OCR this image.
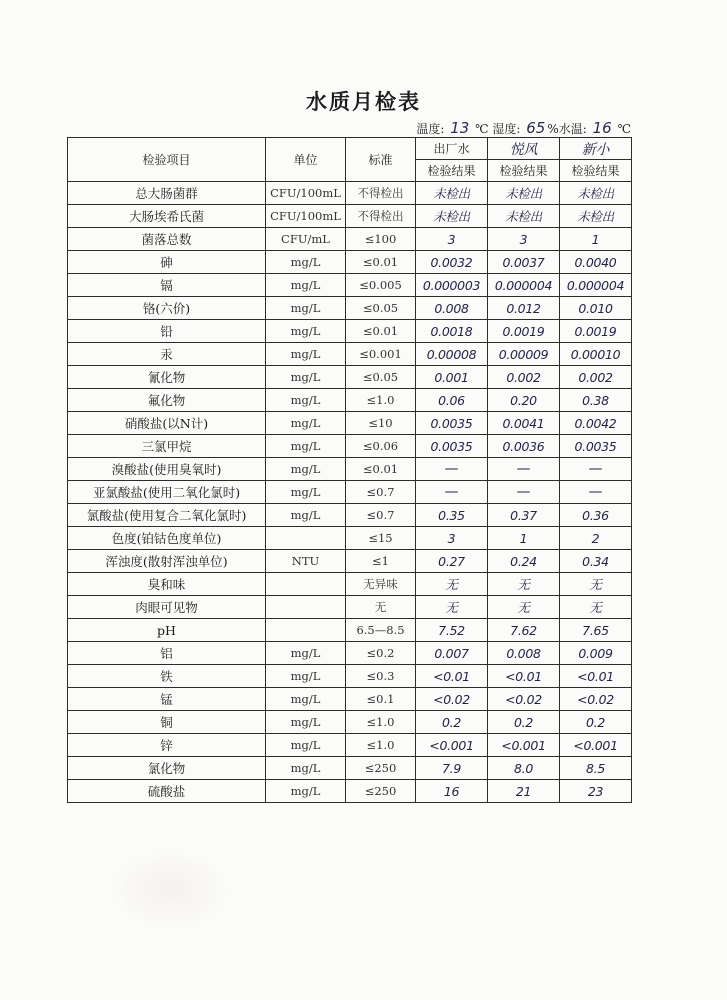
水质月检表
温度: 13 ℃ 湿度: 65 %水温: 16 ℃
检验项目	单位	标准	出厂水	悦风	新小
			检验结果	检验结果	检验结果
总大肠菌群	CFU/100mL	不得检出	未检出	未检出	未检出
大肠埃希氏菌	CFU/100mL	不得检出	未检出	未检出	未检出
菌落总数	CFU/mL	≤100	3	3	1
砷	mg/L	≤0.01	0.0032	0.0037	0.0040
镉	mg/L	≤0.005	0.000003	0.000004	0.000004
铬(六价)	mg/L	≤0.05	0.008	0.012	0.010
铅	mg/L	≤0.01	0.0018	0.0019	0.0019
汞	mg/L	≤0.001	0.00008	0.00009	0.00010
氰化物	mg/L	≤0.05	0.001	0.002	0.002
氟化物	mg/L	≤1.0	0.06	0.20	0.38
硝酸盐(以N计)	mg/L	≤10	0.0035	0.0041	0.0042
三氯甲烷	mg/L	≤0.06	0.0035	0.0036	0.0035
溴酸盐(使用臭氧时)	mg/L	≤0.01	—	—	—
亚氯酸盐(使用二氧化氯时)	mg/L	≤0.7	—	—	—
氯酸盐(使用复合二氧化氯时)	mg/L	≤0.7	0.35	0.37	0.36
色度(铂钴色度单位)		≤15	3	1	2
浑浊度(散射浑浊单位)	NTU	≤1	0.27	0.24	0.34
臭和味		无异味	无	无	无
肉眼可见物		无	无	无	无
pH		6.5—8.5	7.52	7.62	7.65
铝	mg/L	≤0.2	0.007	0.008	0.009
铁	mg/L	≤0.3	<0.01	<0.01	<0.01
锰	mg/L	≤0.1	<0.02	<0.02	<0.02
铜	mg/L	≤1.0	0.2	0.2	0.2
锌	mg/L	≤1.0	<0.001	<0.001	<0.001
氯化物	mg/L	≤250	7.9	8.0	8.5
硫酸盐	mg/L	≤250	16	21	23
